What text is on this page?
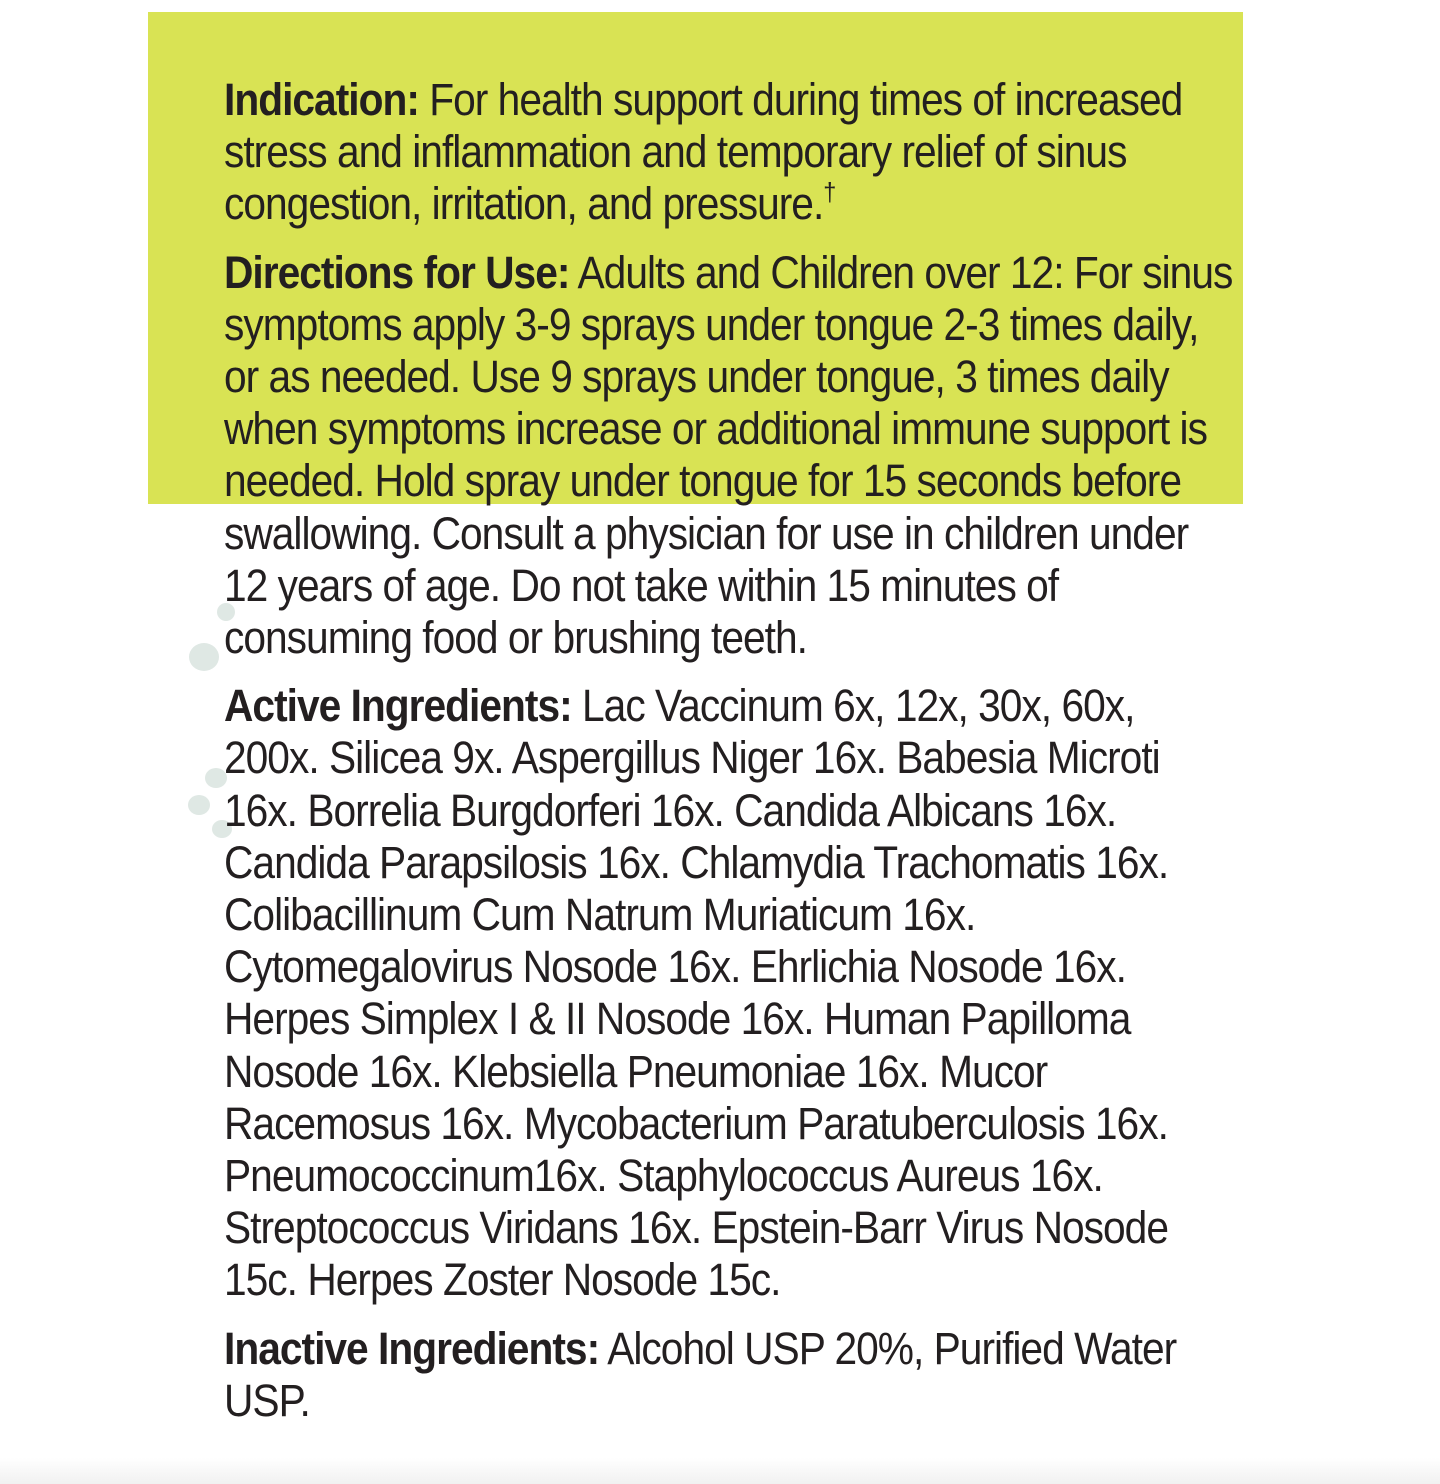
Indication: For health support during times of increased stress and inflammation and temporary relief of sinus congestion, irritation, and pressure.†

Directions for Use: Adults and Children over 12: For sinus symptoms apply 3-9 sprays under tongue 2-3 times daily, or as needed. Use 9 sprays under tongue, 3 times daily when symptoms increase or additional immune support is needed. Hold spray under tongue for 15 seconds before swallowing. Consult a physician for use in children under 12 years of age. Do not take within 15 minutes of consuming food or brushing teeth.

Active Ingredients: Lac Vaccinum 6x, 12x, 30x, 60x, 200x. Silicea 9x. Aspergillus Niger 16x. Babesia Microti 16x. Borrelia Burgdorferi 16x. Candida Albicans 16x. Candida Parapsilosis 16x. Chlamydia Trachomatis 16x. Colibacillinum Cum Natrum Muriaticum 16x. Cytomegalovirus Nosode 16x. Ehrlichia Nosode 16x. Herpes Simplex I & II Nosode 16x. Human Papilloma Nosode 16x. Klebsiella Pneumoniae 16x. Mucor Racemosus 16x. Mycobacterium Paratuberculosis 16x. Pneumococcinum16x. Staphylococcus Aureus 16x. Streptococcus Viridans 16x. Epstein-Barr Virus Nosode 15c. Herpes Zoster Nosode 15c.

Inactive Ingredients: Alcohol USP 20%, Purified Water USP.
